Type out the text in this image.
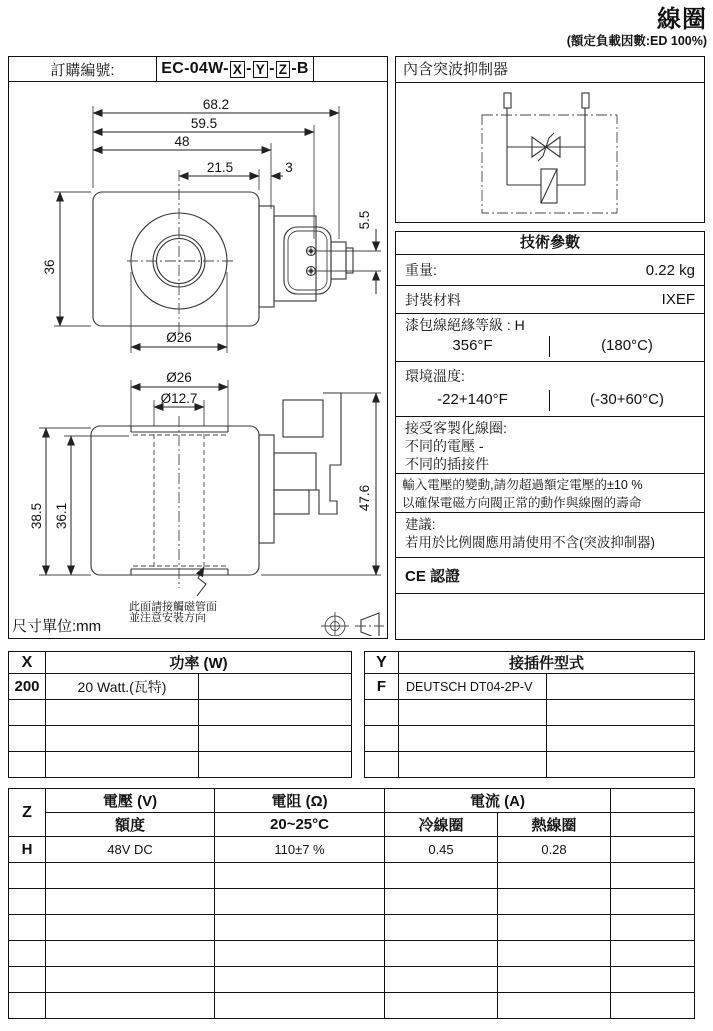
線圈
(額定負載因數:ED 100%)
訂購編號:	EC-04W- X - Y - Z -B
68.2
59.5
48
21.5	3
36
Ø26
5.5
Ø26
Ø12.7
38.5 36.1
47.6
此面請接觸磁管面
並注意安裝方向
尺寸單位:mm
內含突波抑制器
技術參數
重量:	0.22 kg
封裝材料	IXEF
漆包線絕緣等級 : H
356°F	(180°C)
環境溫度:
-22+140°F	(-30+60°C)
接受客製化線圈:
不同的電壓 -
不同的插接件
輸入電壓的變動,請勿超過額定電壓的±10 %
以確保電磁方向閥正常的動作與線圈的壽命
建議:
若用於比例閥應用請使用不含(突波抑制器)
CE 認證
X	功率 (W)	
200	20 Watt.(瓦特)	

Y	接插件型式	
F	DEUTSCH DT04-2P-V	

Z	電壓 (V)	電阻 (Ω)	電流 (A)		
	額度	20~25°C	冷線圈	熱線圈	
H	48V DC	110±7 %	0.45	0.28	
